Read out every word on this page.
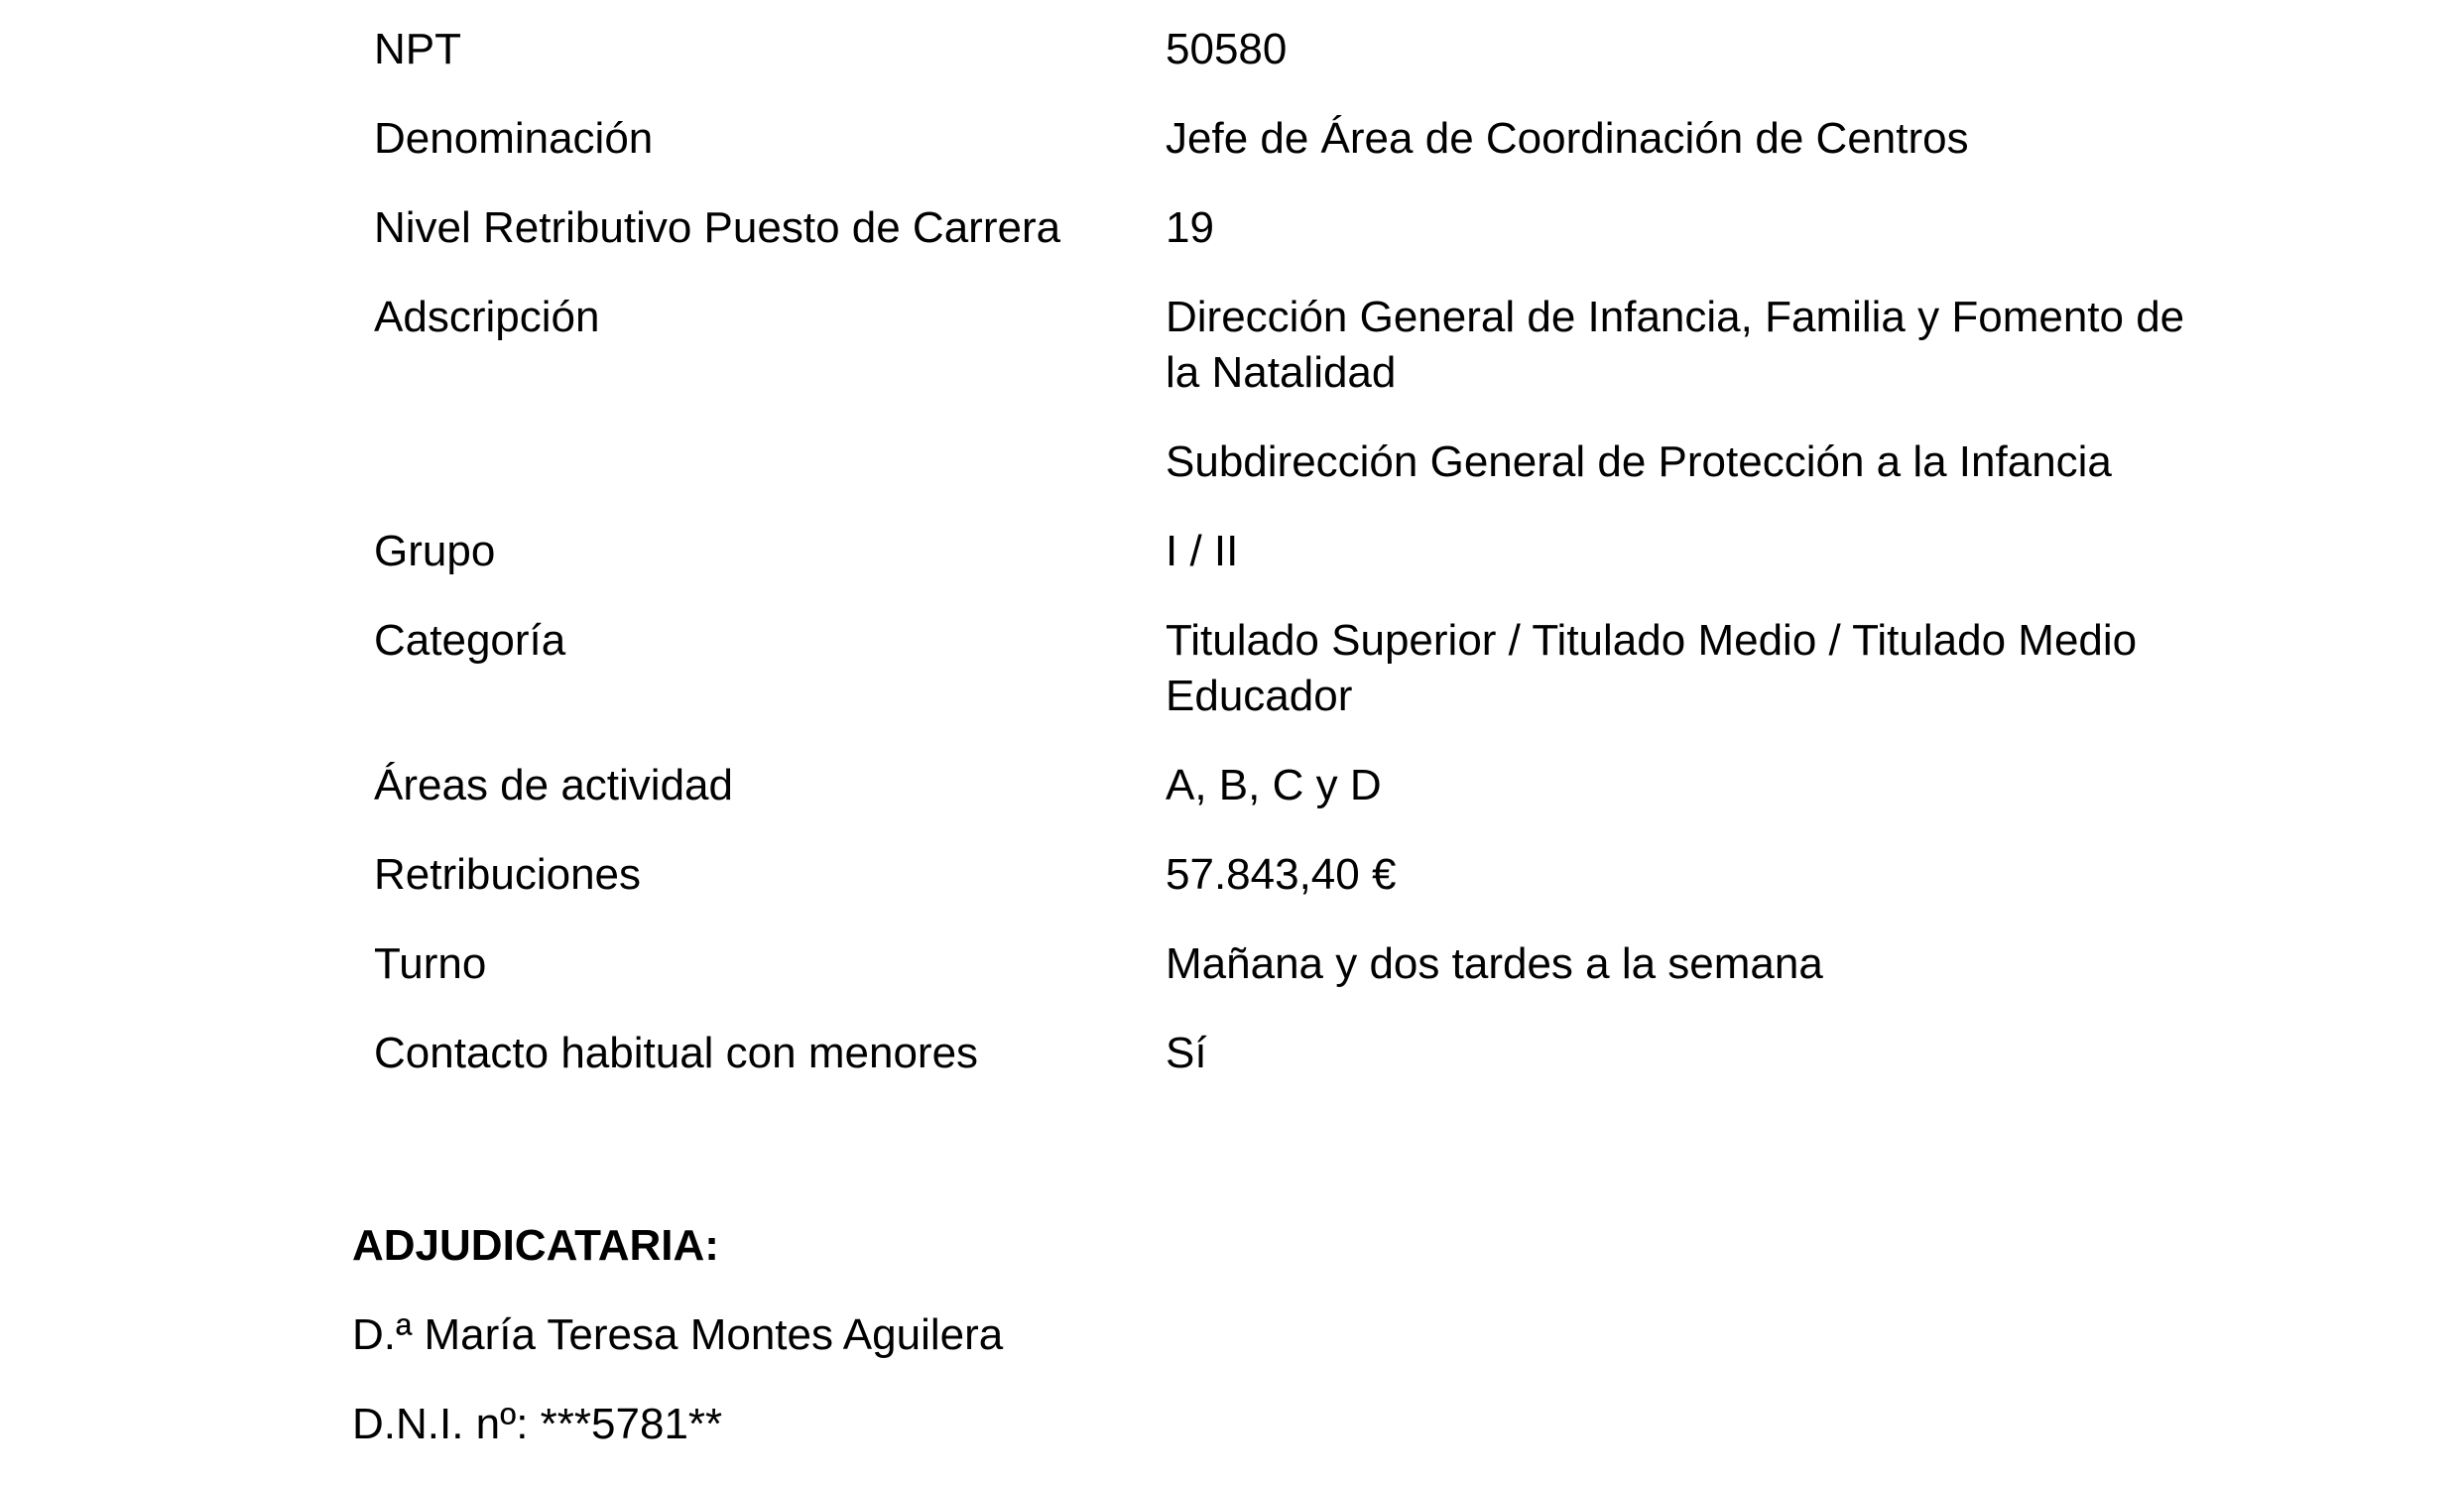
NPT	50580
Denominación	Jefe de Área de Coordinación de Centros
Nivel Retributivo Puesto de Carrera	19
Adscripción	Dirección General de Infancia, Familia y Fomento de la Natalidad
	Subdirección General de Protección a la Infancia
Grupo	I / II
Categoría	Titulado Superior / Titulado Medio / Titulado Medio Educador
Áreas de actividad	A, B, C y D
Retribuciones	57.843,40 €
Turno	Mañana y dos tardes a la semana
Contacto habitual con menores	Sí
ADJUDICATARIA:
D.ª María Teresa Montes Aguilera
D.N.I. nº: ***5781**
